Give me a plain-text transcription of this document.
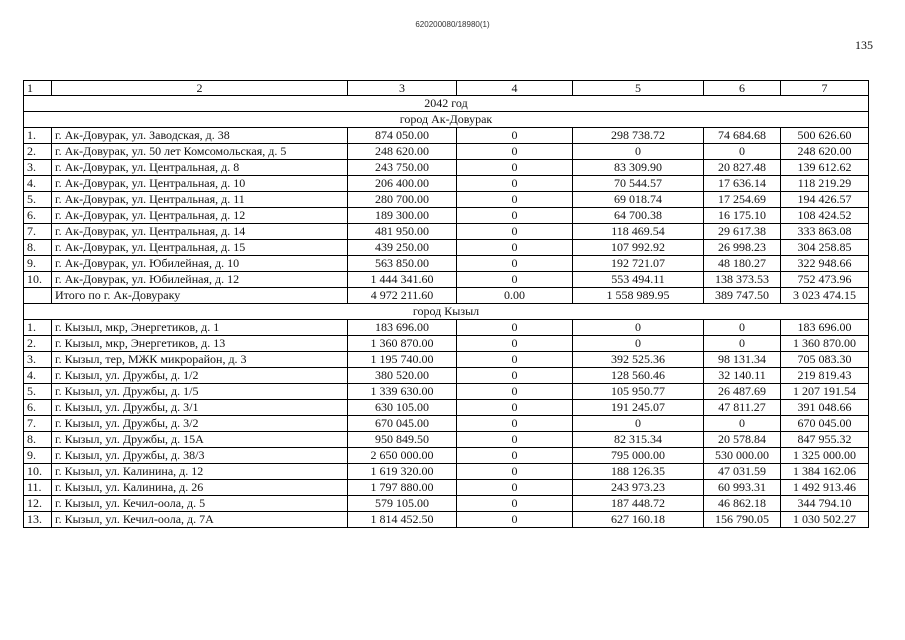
620200080/18980(1)
135
1	2	3	4	5	6	7
2042 год						
город Ак-Довурак						
1.	г. Ак-Довурак, ул. Заводская, д. 38	874 050.00	0	298 738.72	74 684.68	500 626.60
2.	г. Ак-Довурак, ул. 50 лет Комсомольская, д. 5	248 620.00	0	0	0	248 620.00
3.	г. Ак-Довурак, ул. Центральная, д. 8	243 750.00	0	83 309.90	20 827.48	139 612.62
4.	г. Ак-Довурак, ул. Центральная, д. 10	206 400.00	0	70 544.57	17 636.14	118 219.29
5.	г. Ак-Довурак, ул. Центральная, д. 11	280 700.00	0	69 018.74	17 254.69	194 426.57
6.	г. Ак-Довурак, ул. Центральная, д. 12	189 300.00	0	64 700.38	16 175.10	108 424.52
7.	г. Ак-Довурак, ул. Центральная, д. 14	481 950.00	0	118 469.54	29 617.38	333 863.08
8.	г. Ак-Довурак, ул. Центральная, д. 15	439 250.00	0	107 992.92	26 998.23	304 258.85
9.	г. Ак-Довурак, ул. Юбилейная, д. 10	563 850.00	0	192 721.07	48 180.27	322 948.66
10.	г. Ак-Довурак, ул. Юбилейная, д. 12	1 444 341.60	0	553 494.11	138 373.53	752 473.96
	Итого по г. Ак-Довураку	4 972 211.60	0.00	1 558 989.95	389 747.50	3 023 474.15
город Кызыл						
1.	г. Кызыл, мкр, Энергетиков, д. 1	183 696.00	0	0	0	183 696.00
2.	г. Кызыл, мкр, Энергетиков, д. 13	1 360 870.00	0	0	0	1 360 870.00
3.	г. Кызыл, тер, МЖК микрорайон, д. 3	1 195 740.00	0	392 525.36	98 131.34	705 083.30
4.	г. Кызыл, ул. Дружбы, д. 1/2	380 520.00	0	128 560.46	32 140.11	219 819.43
5.	г. Кызыл, ул. Дружбы, д. 1/5	1 339 630.00	0	105 950.77	26 487.69	1 207 191.54
6.	г. Кызыл, ул. Дружбы, д. 3/1	630 105.00	0	191 245.07	47 811.27	391 048.66
7.	г. Кызыл, ул. Дружбы, д. 3/2	670 045.00	0	0	0	670 045.00
8.	г. Кызыл, ул. Дружбы, д. 15А	950 849.50	0	82 315.34	20 578.84	847 955.32
9.	г. Кызыл, ул. Дружбы, д. 38/3	2 650 000.00	0	795 000.00	530 000.00	1 325 000.00
10.	г. Кызыл, ул. Калинина, д. 12	1 619 320.00	0	188 126.35	47 031.59	1 384 162.06
11.	г. Кызыл, ул. Калинина, д. 26	1 797 880.00	0	243 973.23	60 993.31	1 492 913.46
12.	г. Кызыл, ул. Кечил-оола, д. 5	579 105.00	0	187 448.72	46 862.18	344 794.10
13.	г. Кызыл, ул. Кечил-оола, д. 7А	1 814 452.50	0	627 160.18	156 790.05	1 030 502.27
